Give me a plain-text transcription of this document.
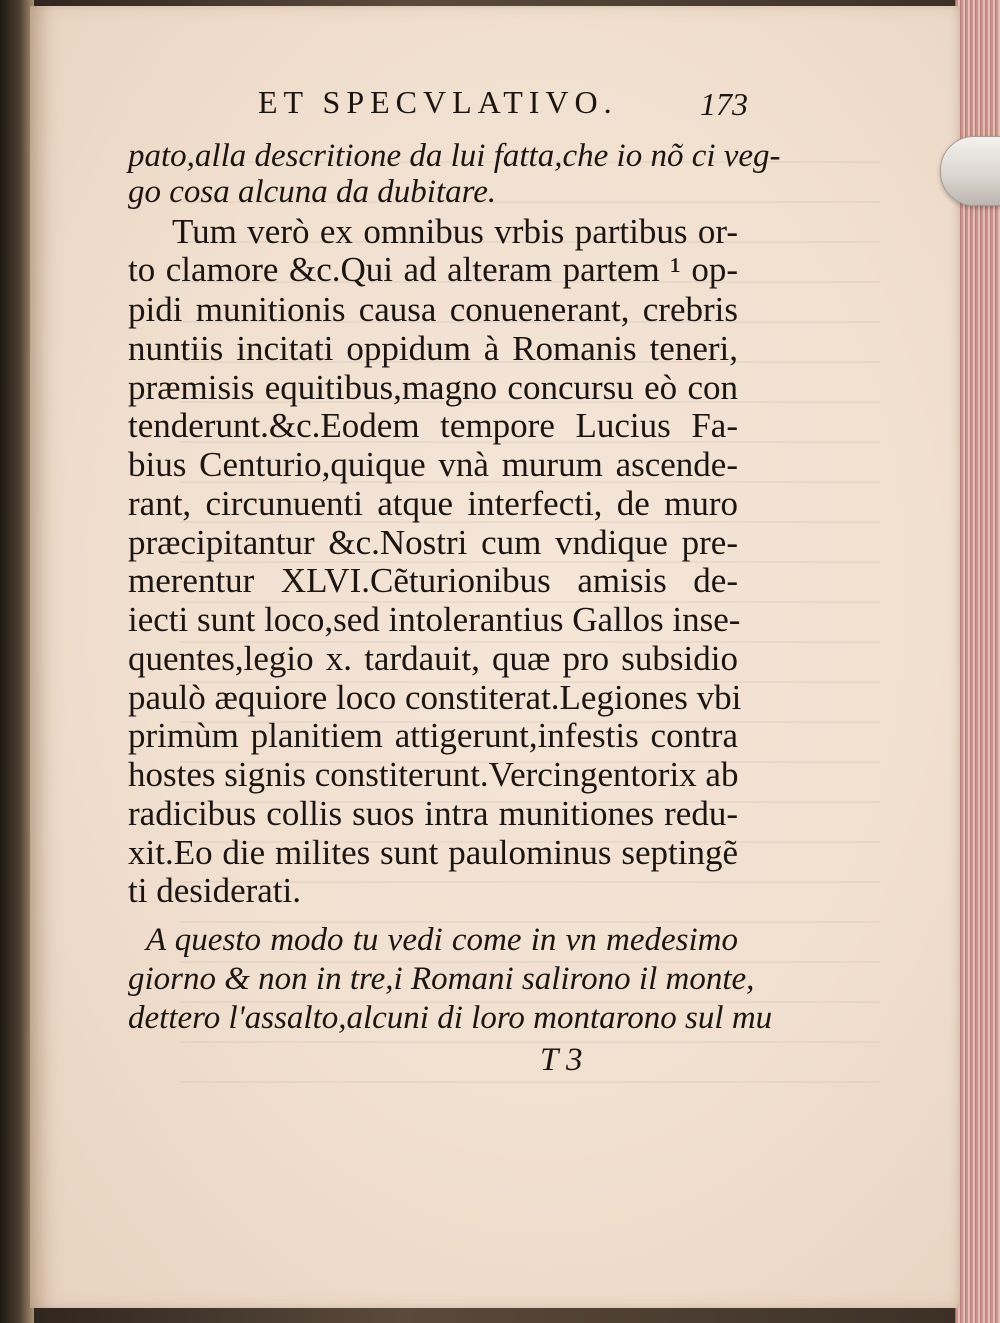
ET SPECVLATIVO.	173
pato,alla descritione da lui fatta,che io nõ ci veg-
go cosa alcuna da dubitare.
Tum verò ex omnibus vrbis partibus or-
to clamore &c.Qui ad alteram partem ¹ op-
pidi munitionis causa conuenerant, crebris
nuntiis incitati oppidum à Romanis teneri,
præmisis equitibus,magno concursu eò con
tenderunt.&c.Eodem tempore Lucius Fa-
bius Centurio,quique vnà murum ascende-
rant, circunuenti atque interfecti, de muro
præcipitantur &c.Nostri cum vndique pre-
merentur XLVI.Cẽturionibus amisis de-
iecti sunt loco,sed intolerantius Gallos inse-
quentes,legio x. tardauit, quæ pro subsidio
paulò æquiore loco constiterat.Legiones vbi
primùm planitiem attigerunt,infestis contra
hostes signis constiterunt.Vercingentorix ab
radicibus collis suos intra munitiones redu-
xit.Eo die milites sunt paulominus septingẽ
ti desiderati.
A questo modo tu vedi come in vn medesimo
giorno & non in tre,i Romani salirono il monte,
dettero l'assalto,alcuni di loro montarono sul mu
T 3
